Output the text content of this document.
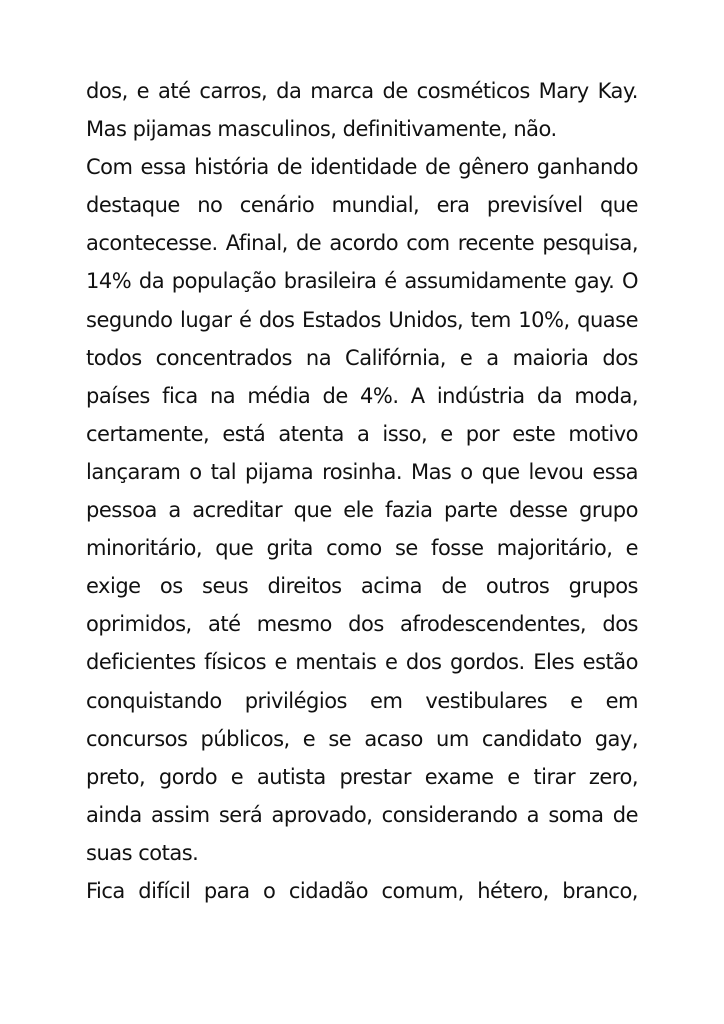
dos, e até carros, da marca de cosméticos Mary Kay.
Mas pijamas masculinos, definitivamente, não.
Com essa história de identidade de gênero ganhando
destaque no cenário mundial, era previsível que
acontecesse. Afinal, de acordo com recente pesquisa,
14% da população brasileira é assumidamente gay. O
segundo lugar é dos Estados Unidos, tem 10%, quase
todos concentrados na Califórnia, e a maioria dos
países fica na média de 4%. A indústria da moda,
certamente, está atenta a isso, e por este motivo
lançaram o tal pijama rosinha. Mas o que levou essa
pessoa a acreditar que ele fazia parte desse grupo
minoritário, que grita como se fosse majoritário, e
exige os seus direitos acima de outros grupos
oprimidos, até mesmo dos afrodescendentes, dos
deficientes físicos e mentais e dos gordos. Eles estão
conquistando privilégios em vestibulares e em
concursos públicos, e se acaso um candidato gay,
preto, gordo e autista prestar exame e tirar zero,
ainda assim será aprovado, considerando a soma de
suas cotas.
Fica difícil para o cidadão comum, hétero, branco,
